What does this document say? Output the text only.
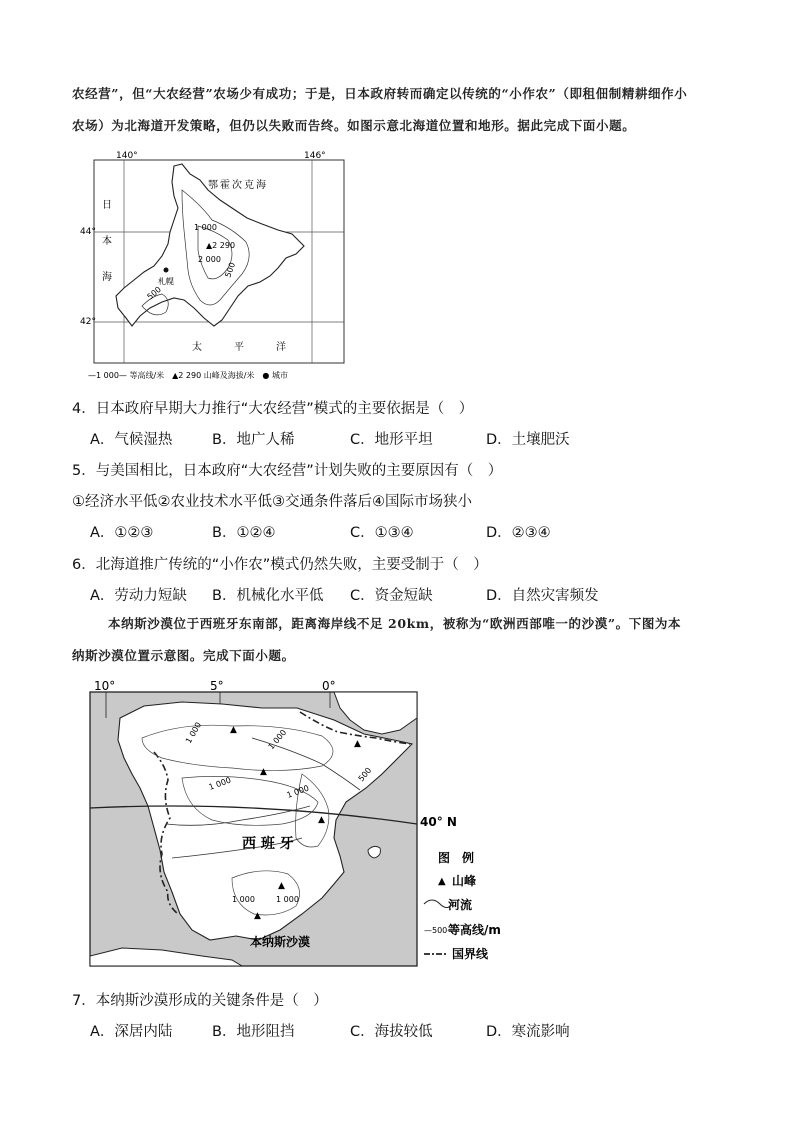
农经营”，但“大农经营”农场少有成功；于是，日本政府转而确定以传统的“小作农”（即租佃制精耕细作小
农场）为北海道开发策略，但仍以失败而告终。如图示意北海道位置和地形。据此完成下面小题。
140°	146°
44°
42°
鄂霍次克海
日
本
海
太	平	洋
1 000
▲2 290
2 000
500
500
札幌
—1 000— 等高线/米　▲2 290 山峰及海拔/米　● 城市
4．日本政府早期大力推行“大农经营”模式的主要依据是（　）
A．气候湿热	B．地广人稀	C．地形平坦	D．土壤肥沃
5．与美国相比，日本政府“大农经营”计划失败的主要原因有（　）
①经济水平低②农业技术水平低③交通条件落后④国际市场狭小
A．①②③	B．①②④	C．①③④	D．②③④
6．北海道推广传统的“小作农”模式仍然失败，主要受制于（　）
A．劳动力短缺 B．机械化水平低 C．资金短缺	D．自然灾害频发
本纳斯沙漠位于西班牙东南部，距离海岸线不足 20km，被称为“欧洲西部唯一的沙漠”。下图为本
纳斯沙漠位置示意图。完成下面小题。
10°	5°	0°
40° N
▲
▲
▲
▲
▲
▲
1 000	1 000
1 000	1 000
1 000	1 000
500
西 班 牙
本纳斯沙漠
图　例
▲ 山峰
河流
—500—
等高线/m
国界线
7．本纳斯沙漠形成的关键条件是（　）
A．深居内陆	B．地形阻挡	C．海拔较低	D．寒流影响
